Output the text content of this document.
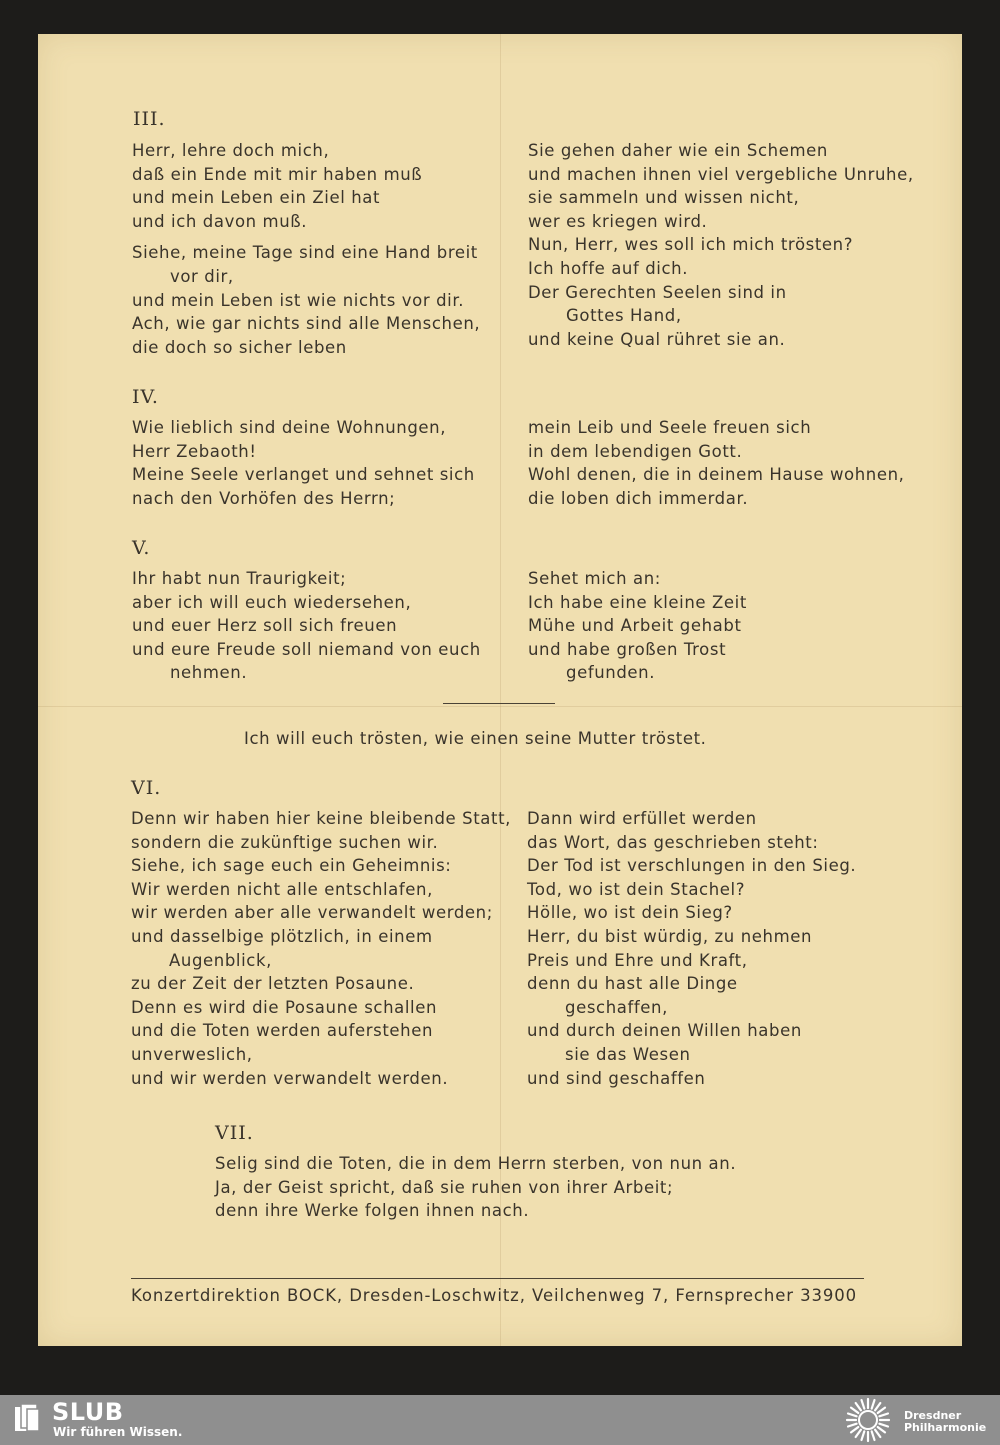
III.
Herr, lehre doch mich,
daß ein Ende mit mir haben muß
und mein Leben ein Ziel hat
und ich davon muß.
Siehe, meine Tage sind eine Hand breit
vor dir,
und mein Leben ist wie nichts vor dir.
Ach, wie gar nichts sind alle Menschen,
die doch so sicher leben
Sie gehen daher wie ein Schemen
und machen ihnen viel vergebliche Unruhe,
sie sammeln und wissen nicht,
wer es kriegen wird.
Nun, Herr, wes soll ich mich trösten?
Ich hoffe auf dich.
Der Gerechten Seelen sind in
Gottes Hand,
und keine Qual rühret sie an.
IV.
Wie lieblich sind deine Wohnungen,
Herr Zebaoth!
Meine Seele verlanget und sehnet sich
nach den Vorhöfen des Herrn;
mein Leib und Seele freuen sich
in dem lebendigen Gott.
Wohl denen, die in deinem Hause wohnen,
die loben dich immerdar.
V.
Ihr habt nun Traurigkeit;
aber ich will euch wiedersehen,
und euer Herz soll sich freuen
und eure Freude soll niemand von euch
nehmen.
Sehet mich an:
Ich habe eine kleine Zeit
Mühe und Arbeit gehabt
und habe großen Trost
gefunden.
Ich will euch trösten, wie einen seine Mutter tröstet.
VI.
Denn wir haben hier keine bleibende Statt,
sondern die zukünftige suchen wir.
Siehe, ich sage euch ein Geheimnis:
Wir werden nicht alle entschlafen,
wir werden aber alle verwandelt werden;
und dasselbige plötzlich, in einem
Augenblick,
zu der Zeit der letzten Posaune.
Denn es wird die Posaune schallen
und die Toten werden auferstehen
unverweslich,
und wir werden verwandelt werden.
Dann wird erfüllet werden
das Wort, das geschrieben steht:
Der Tod ist verschlungen in den Sieg.
Tod, wo ist dein Stachel?
Hölle, wo ist dein Sieg?
Herr, du bist würdig, zu nehmen
Preis und Ehre und Kraft,
denn du hast alle Dinge
geschaffen,
und durch deinen Willen haben
sie das Wesen
und sind geschaffen
VII.
Selig sind die Toten, die in dem Herrn sterben, von nun an.
Ja, der Geist spricht, daß sie ruhen von ihrer Arbeit;
denn ihre Werke folgen ihnen nach.
Konzertdirektion BOCK, Dresden-Loschwitz, Veilchenweg 7, Fernsprecher 33900
SLUB
Wir führen Wissen.
Dresdner
Philharmonie
